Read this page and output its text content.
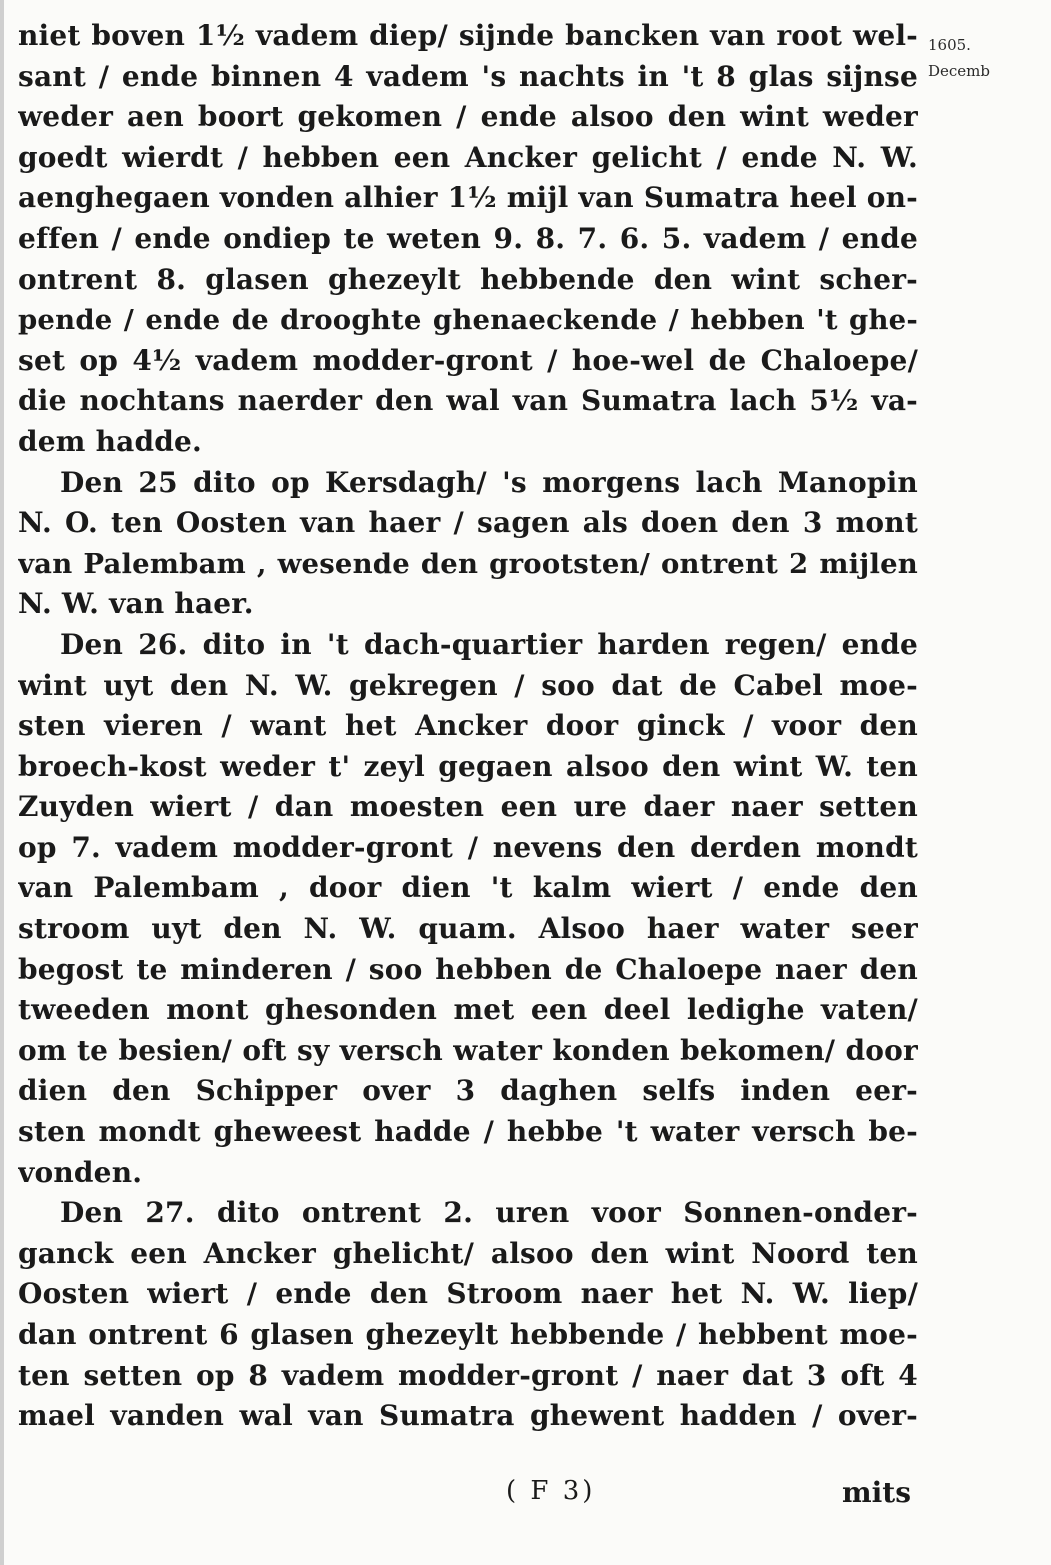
1605.
Decemb
niet boven 1½ vadem diep/ sijnde bancken van root wel-
sant / ende binnen 4 vadem 's nachts in 't 8 glas sijnse
weder aen boort gekomen / ende alsoo den wint weder
goedt wierdt / hebben een Ancker gelicht / ende N. W.
aenghegaen vonden alhier 1½ mijl van Sumatra heel on-
effen / ende ondiep te weten 9. 8. 7. 6. 5. vadem / ende
ontrent 8. glasen ghezeylt hebbende den wint scher-
pende / ende de drooghte ghenaeckende / hebben 't ghe-
set op 4½ vadem modder-gront / hoe-wel de Chaloepe/
die nochtans naerder den wal van Sumatra lach 5½ va-
dem hadde.
Den 25 dito op Kersdagh/ 's morgens lach Manopin
N. O. ten Oosten van haer / sagen als doen den 3 mont
van Palembam , wesende den grootsten/ ontrent 2 mijlen
N. W. van haer.
Den 26. dito in 't dach-quartier harden regen/ ende
wint uyt den N. W. gekregen / soo dat de Cabel moe-
sten vieren / want het Ancker door ginck / voor den
broech-kost weder t' zeyl gegaen alsoo den wint W. ten
Zuyden wiert / dan moesten een ure daer naer setten
op 7. vadem modder-gront / nevens den derden mondt
van Palembam , door dien 't kalm wiert / ende den
stroom uyt den N. W. quam. Alsoo haer water seer
begost te minderen / soo hebben de Chaloepe naer den
tweeden mont ghesonden met een deel ledighe vaten/
om te besien/ oft sy versch water konden bekomen/ door
dien den Schipper over 3 daghen selfs inden eer-
sten mondt gheweest hadde / hebbe 't water versch be-
vonden.
Den 27. dito ontrent 2. uren voor Sonnen-onder-
ganck een Ancker ghelicht/ alsoo den wint Noord ten
Oosten wiert / ende den Stroom naer het N. W. liep/
dan ontrent 6 glasen ghezeylt hebbende / hebbent moe-
ten setten op 8 vadem modder-gront / naer dat 3 oft 4
mael vanden wal van Sumatra ghewent hadden / over-
( F 3)	mits
